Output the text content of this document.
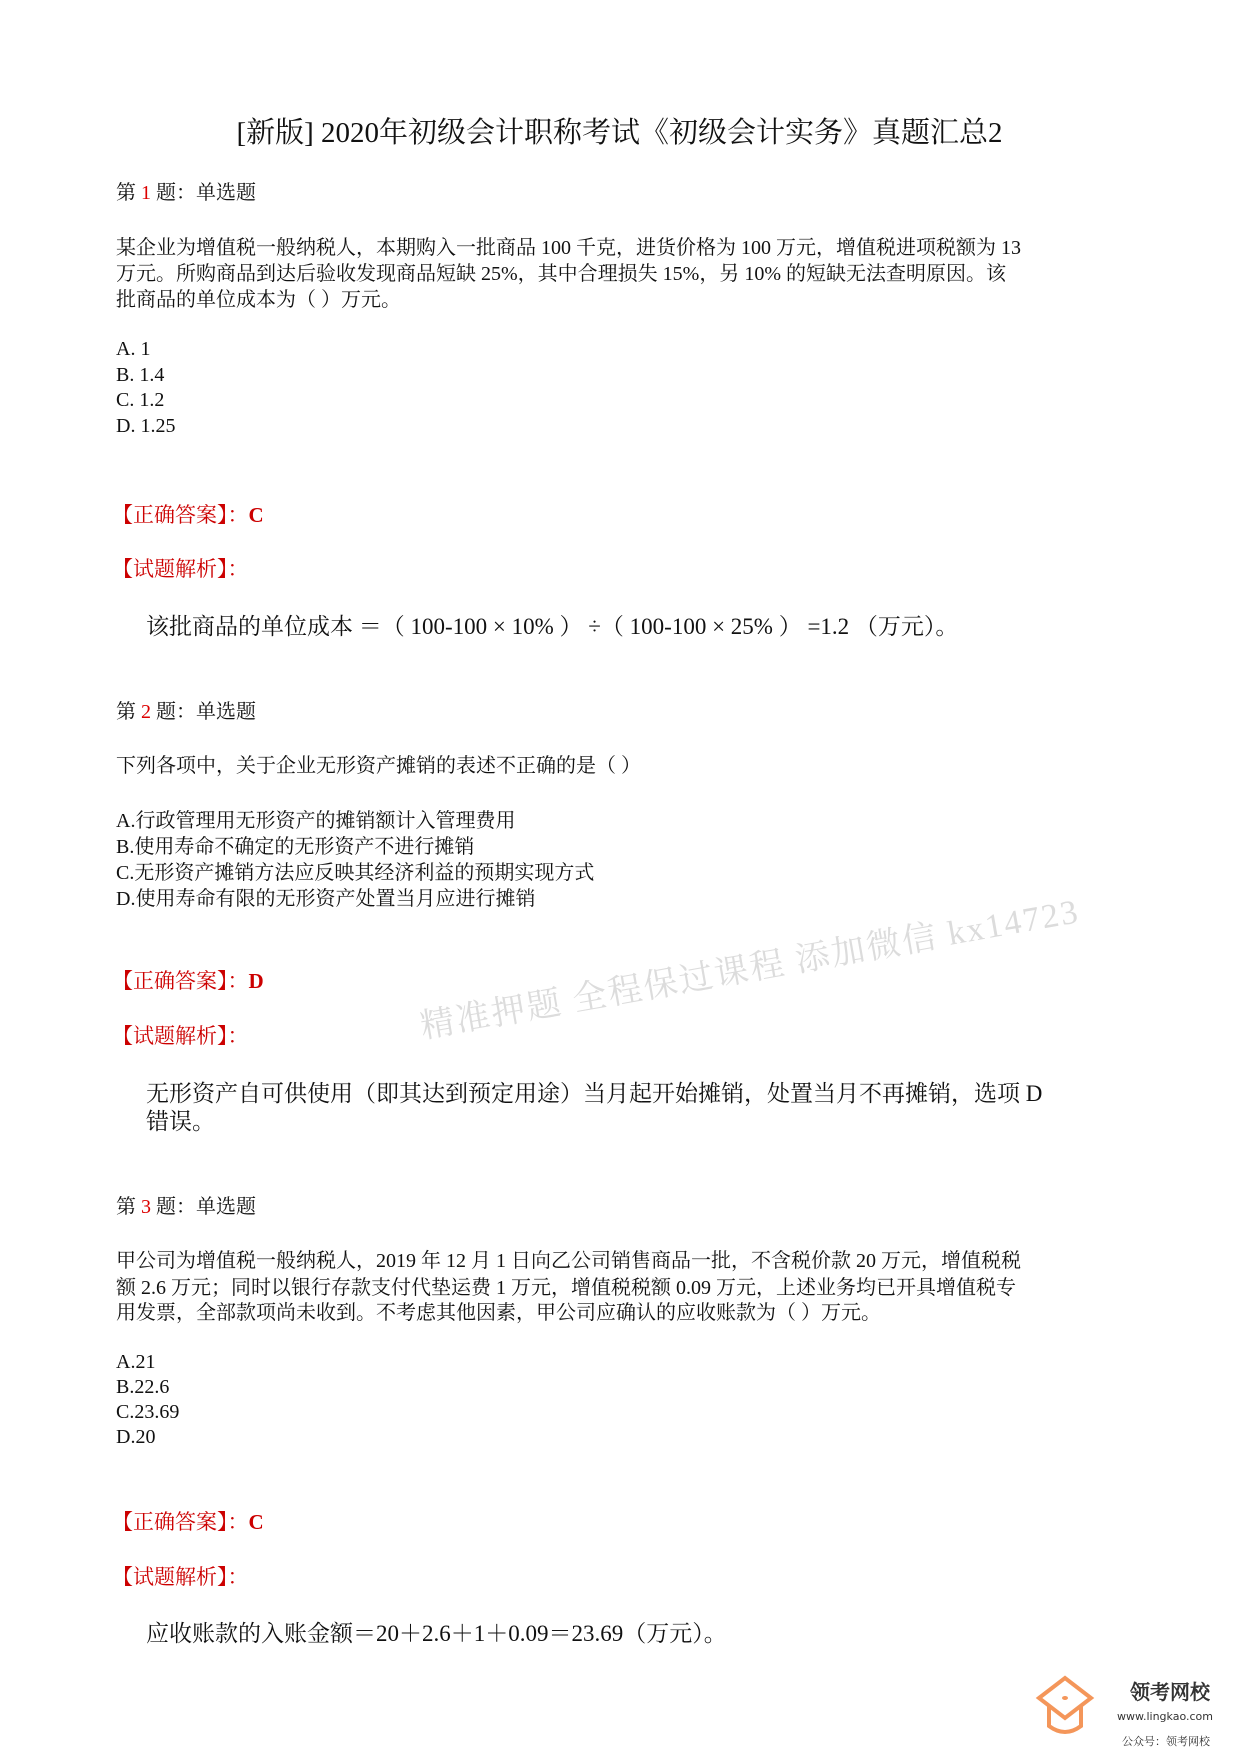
[新版] 2020年初级会计职称考试《初级会计实务》真题汇总2
精准押题 全程保过课程 添加微信 kx14723
第 1 题：单选题
某企业为增值税一般纳税人，本期购入一批商品 100 千克，进货价格为 100 万元，增值税进项税额为 13
万元。所购商品到达后验收发现商品短缺 25%，其中合理损失 15%，另 10% 的短缺无法查明原因。该
批商品的单位成本为（ ）万元。
A. 1
B. 1.4
C. 1.2
D. 1.25
【正确答案】：C
【试题解析】：
该批商品的单位成本 ＝（ 100-100 × 10% ） ÷（ 100-100 × 25% ） =1.2 （万元）。
第 2 题：单选题
下列各项中，关于企业无形资产摊销的表述不正确的是（ ）
A.行政管理用无形资产的摊销额计入管理费用
B.使用寿命不确定的无形资产不进行摊销
C.无形资产摊销方法应反映其经济利益的预期实现方式
D.使用寿命有限的无形资产处置当月应进行摊销
【正确答案】：D
【试题解析】：
无形资产自可供使用（即其达到预定用途）当月起开始摊销，处置当月不再摊销，选项 D
错误。
第 3 题：单选题
甲公司为增值税一般纳税人，2019 年 12 月 1 日向乙公司销售商品一批，不含税价款 20 万元，增值税税
额 2.6 万元；同时以银行存款支付代垫运费 1 万元，增值税税额 0.09 万元，上述业务均已开具增值税专
用发票，全部款项尚未收到。不考虑其他因素，甲公司应确认的应收账款为（ ）万元。
A.21
B.22.6
C.23.69
D.20
【正确答案】：C
【试题解析】：
应收账款的入账金额＝20＋2.6＋1＋0.09＝23.69（万元）。
领考网校
www.lingkao.com
公众号：领考网校
